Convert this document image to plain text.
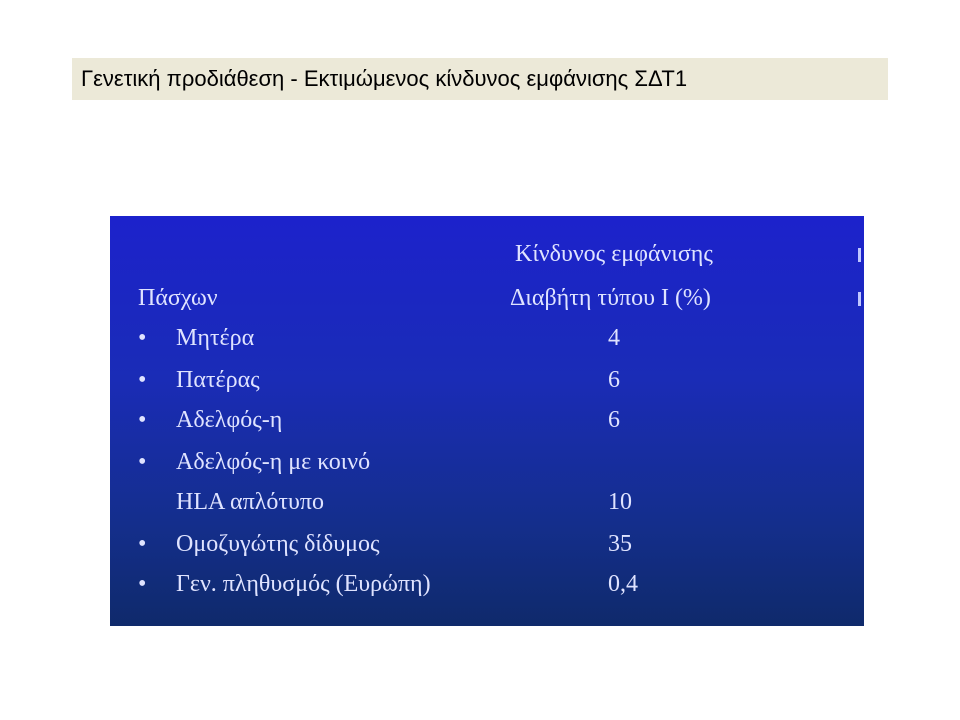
Γενετική προδιάθεση - Εκτιμώμενος κίνδυνος εμφάνισης ΣΔΤ1
Κίνδυνος εμφάνισης
Πάσχων	Διαβήτη τύπου Ι (%)
• Μητέρα	4
• Πατέρας	6
• Αδελφός-η	6
• Αδελφός-η με κοινό
HLA απλότυπο	10
• Ομοζυγώτης δίδυμος	35
• Γεν. πληθυσμός (Ευρώπη)	0,4
